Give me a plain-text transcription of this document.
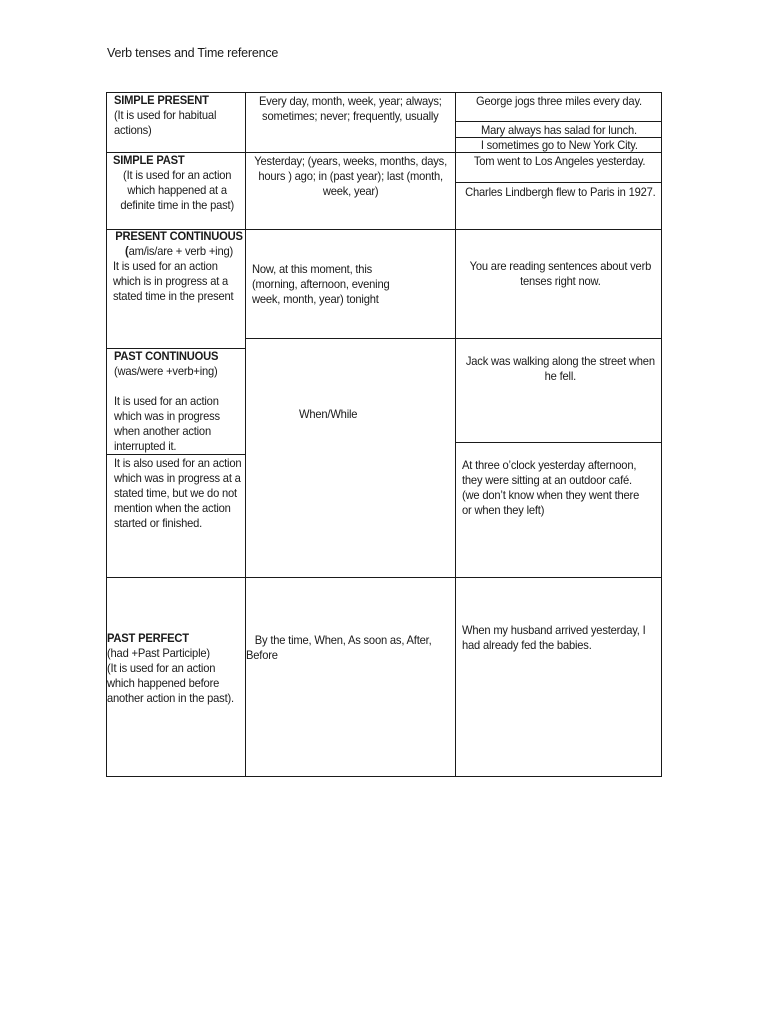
Verb tenses and Time reference
SIMPLE PRESENT
(It is used for habitual actions)
Every day, month, week, year; always; sometimes; never; frequently, usually
George jogs three miles every day.
Mary always has salad for lunch.
I sometimes go to New York City.
SIMPLE PAST
(It is used for an action which happened at a definite time in the past)
Yesterday; (years, weeks, months, days, hours ) ago; in (past year); last (month, week, year)
Tom went to Los Angeles yesterday.
Charles Lindbergh flew to Paris in 1927.
PRESENT CONTINUOUS
(am/is/are + verb +ing)
It is used for an action which is in progress at a stated time in the present
Now, at this moment, this (morning, afternoon, evening week, month, year) tonight
You are reading sentences about verb tenses right now.
PAST CONTINUOUS
(was/were +verb+ing)
It is used for an action which was in progress when another action interrupted it.
It is also used for an action which was in progress at a stated time, but we do not mention when the action started or finished.
When/While
Jack was walking along the street when he fell.
At three o’clock yesterday afternoon, they were sitting at an outdoor café. (we don’t know when they went there or when they left)
PAST PERFECT
(had +Past Participle)
(It is used for an action which happened before another action in the past).
By the time, When, As soon as, After, Before
When my husband arrived yesterday, I had already fed the babies.
